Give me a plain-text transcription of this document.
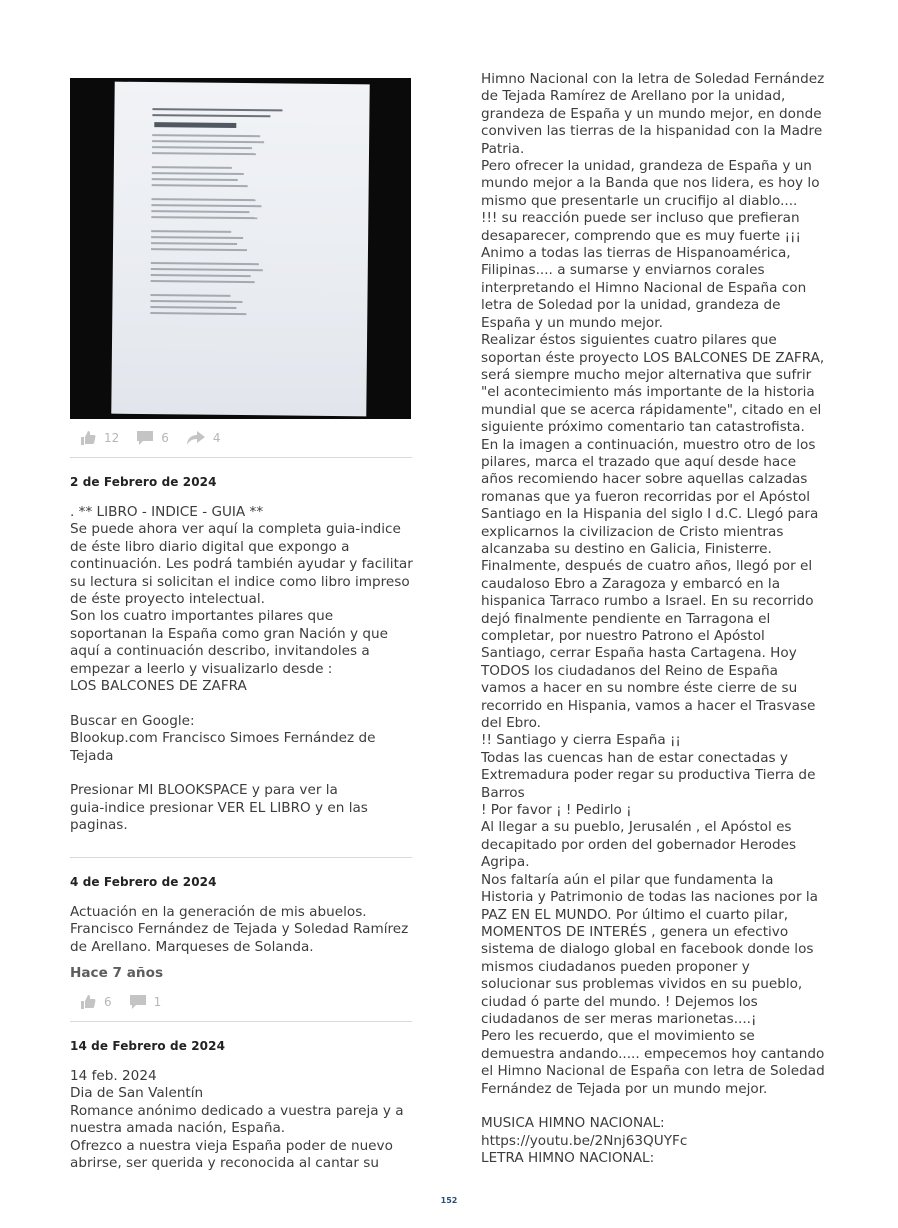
12	6	4
2 de Febrero de 2024
. ** LIBRO - INDICE - GUIA **
Se puede ahora ver aquí la completa guia-indice
de éste libro diario digital que expongo a
continuación. Les podrá también ayudar y facilitar
su lectura si solicitan el indice como libro impreso
de éste proyecto intelectual.
Son los cuatro importantes pilares que
soportanan la España como gran Nación y que
aquí a continuación describo, invitandoles a
empezar a leerlo y visualizarlo desde :
LOS BALCONES DE ZAFRA
Buscar en Google:
Blookup.com Francisco Simoes Fernández de
Tejada
Presionar MI BLOOKSPACE y para ver la
guia-indice presionar VER EL LIBRO y en las
paginas.
4 de Febrero de 2024
Actuación en la generación de mis abuelos.
Francisco Fernández de Tejada y Soledad Ramírez
de Arellano. Marqueses de Solanda.
Hace 7 años
6	1
14 de Febrero de 2024
14 feb. 2024
Dia de San Valentín
Romance anónimo dedicado a vuestra pareja y a
nuestra amada nación, España.
Ofrezco a nuestra vieja España poder de nuevo
abrirse, ser querida y reconocida al cantar su
Himno Nacional con la letra de Soledad Fernández
de Tejada Ramírez de Arellano por la unidad,
grandeza de España y un mundo mejor, en donde
conviven las tierras de la hispanidad con la Madre
Patria.
Pero ofrecer la unidad, grandeza de España y un
mundo mejor a la Banda que nos lidera, es hoy lo
mismo que presentarle un crucifijo al diablo....
!!! su reacción puede ser incluso que prefieran
desaparecer, comprendo que es muy fuerte ¡¡¡
Animo a todas las tierras de Hispanoamérica,
Filipinas.... a sumarse y enviarnos corales
interpretando el Himno Nacional de España con
letra de Soledad por la unidad, grandeza de
España y un mundo mejor.
Realizar éstos siguientes cuatro pilares que
soportan éste proyecto LOS BALCONES DE ZAFRA,
será siempre mucho mejor alternativa que sufrir
"el acontecimiento más importante de la historia
mundial que se acerca rápidamente", citado en el
siguiente próximo comentario tan catastrofista.
En la imagen a continuación, muestro otro de los
pilares, marca el trazado que aquí desde hace
años recomiendo hacer sobre aquellas calzadas
romanas que ya fueron recorridas por el Apóstol
Santiago en la Hispania del siglo I d.C. Llegó para
explicarnos la civilizacion de Cristo mientras
alcanzaba su destino en Galicia, Finisterre.
Finalmente, después de cuatro años, llegó por el
caudaloso Ebro a Zaragoza y embarcó en la
hispanica Tarraco rumbo a Israel. En su recorrido
dejó finalmente pendiente en Tarragona el
completar, por nuestro Patrono el Apóstol
Santiago, cerrar España hasta Cartagena. Hoy
TODOS los ciudadanos del Reino de España
vamos a hacer en su nombre éste cierre de su
recorrido en Hispania, vamos a hacer el Trasvase
del Ebro.
!! Santiago y cierra España ¡¡
Todas las cuencas han de estar conectadas y
Extremadura poder regar su productiva Tierra de
Barros
! Por favor ¡ ! Pedirlo ¡
Al llegar a su pueblo, Jerusalén , el Apóstol es
decapitado por orden del gobernador Herodes
Agripa.
Nos faltaría aún el pilar que fundamenta la
Historia y Patrimonio de todas las naciones por la
PAZ EN EL MUNDO. Por último el cuarto pilar,
MOMENTOS DE INTERÉS , genera un efectivo
sistema de dialogo global en facebook donde los
mismos ciudadanos pueden proponer y
solucionar sus problemas vividos en su pueblo,
ciudad ó parte del mundo. ! Dejemos los
ciudadanos de ser meras marionetas....¡
Pero les recuerdo, que el movimiento se
demuestra andando..... empecemos hoy cantando
el Himno Nacional de España con letra de Soledad
Fernández de Tejada por un mundo mejor.
MUSICA HIMNO NACIONAL:
https://youtu.be/2Nnj63QUYFc
LETRA HIMNO NACIONAL:
152
